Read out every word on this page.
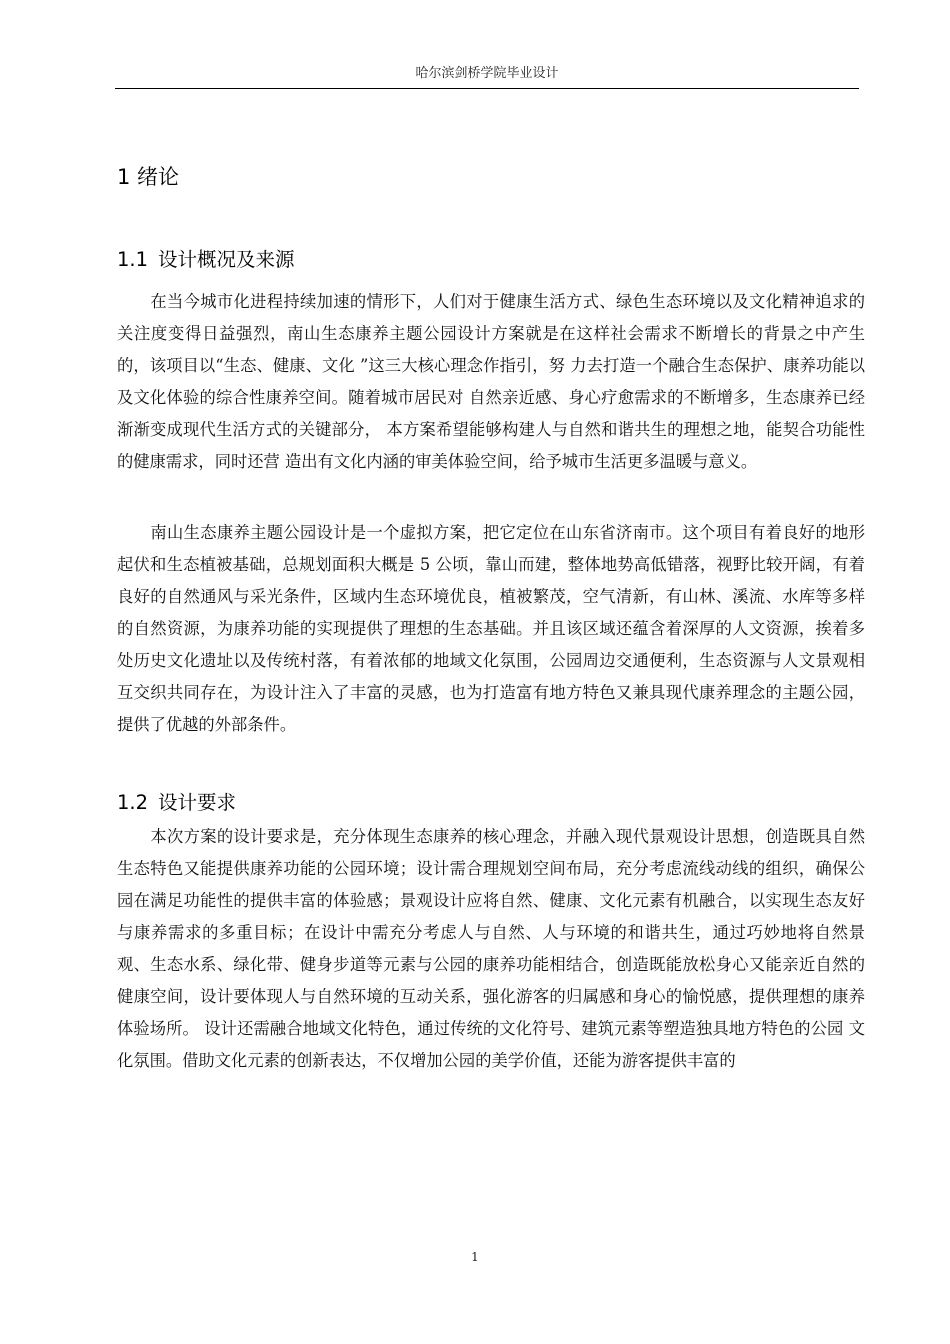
哈尔滨剑桥学院毕业设计
1 绪论
1.1 设计概况及来源

在当今城市化进程持续加速的情形下，人们对于健康生活方式、绿色生态环境以及文化精神追求的关注度变得日益强烈，南山生态康养主题公园设计方案就是在这样社会需求不断增长的背景之中产生的，该项目以“生态、健康、文化 ”这三大核心理念作指引，努 力去打造一个融合生态保护、康养功能以及文化体验的综合性康养空间。随着城市居民对 自然亲近感、身心疗愈需求的不断增多，生态康养已经渐渐变成现代生活方式的关键部分， 本方案希望能够构建人与自然和谐共生的理想之地，能契合功能性的健康需求，同时还营 造出有文化内涵的审美体验空间，给予城市生活更多温暖与意义。

南山生态康养主题公园设计是一个虚拟方案，把它定位在山东省济南市。这个项目有着良好的地形起伏和生态植被基础，总规划面积大概是 5 公顷，靠山而建，整体地势高低错落，视野比较开阔，有着良好的自然通风与采光条件，区域内生态环境优良，植被繁茂，空气清新，有山林、溪流、水库等多样的自然资源，为康养功能的实现提供了理想的生态基础。并且该区域还蕴含着深厚的人文资源，挨着多处历史文化遗址以及传统村落，有着浓郁的地域文化氛围，公园周边交通便利，生态资源与人文景观相互交织共同存在，为设计注入了丰富的灵感，也为打造富有地方特色又兼具现代康养理念的主题公园，提供了优越的外部条件。

1.2 设计要求

本次方案的设计要求是，充分体现生态康养的核心理念，并融入现代景观设计思想，创造既具自然生态特色又能提供康养功能的公园环境；设计需合理规划空间布局，充分考虑流线动线的组织，确保公园在满足功能性的提供丰富的体验感；景观设计应将自然、健康、文化元素有机融合，以实现生态友好与康养需求的多重目标；在设计中需充分考虑人与自然、人与环境的和谐共生，通过巧妙地将自然景观、生态水系、绿化带、健身步道等元素与公园的康养功能相结合，创造既能放松身心又能亲近自然的健康空间，设计要体现人与自然环境的互动关系，强化游客的归属感和身心的愉悦感，提供理想的康养体验场所。 设计还需融合地域文化特色，通过传统的文化符号、建筑元素等塑造独具地方特色的公园 文化氛围。借助文化元素的创新表达，不仅增加公园的美学价值，还能为游客提供丰富的

1
